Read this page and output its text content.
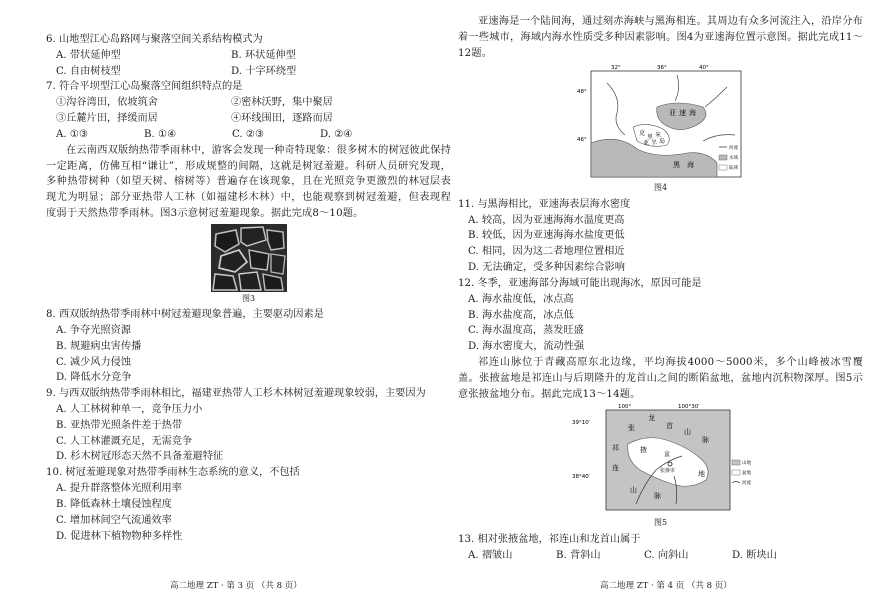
6. 山地型江心岛路网与聚落空间关系结构模式为

A. 带状延伸型	B. 环状延伸型
C. 自由树枝型	D. 十字环绕型

7. 符合平坝型江心岛聚落空间组织特点的是

①沟谷湾田，依坡筑舍	②密林沃野，集中聚居
③丘麓片田，择缓而居	④环线围田，逐路而居
A. ①③	B. ①④	C. ②③	D. ②④

在云南西双版纳热带季雨林中，游客会发现一种奇特现象：很多树木的树冠彼此保持一定距离，仿佛互相“谦让”，形成规整的间隔，这就是树冠羞避。科研人员研究发现，多种热带树种（如望天树、榕树等）普遍存在该现象，且在光照竞争更激烈的林冠层表现尤为明显；部分亚热带人工林（如福建杉木林）中，也能观察到树冠羞避，但表现程度弱于天然热带季雨林。图3示意树冠羞避现象。据此完成8～10题。

图3

8. 西双版纳热带季雨林中树冠羞避现象普遍，主要驱动因素是

A. 争夺光照资源

B. 规避病虫害传播

C. 减少风力侵蚀

D. 降低水分竞争

9. 与西双版纳热带季雨林相比，福建亚热带人工杉木林树冠羞避现象较弱，主要因为

A. 人工林树种单一，竞争压力小

B. 亚热带光照条件差于热带

C. 人工林灌溉充足，无需竞争

D. 杉木树冠形态天然不具备羞避特征

10. 树冠羞避现象对热带季雨林生态系统的意义，不包括

A. 提升群落整体光照利用率

B. 降低森林土壤侵蚀程度

C. 增加林间空气流通效率

D. 促进林下植物物种多样性

高二地理 ZT · 第 3 页 （共 8 页）

亚速海是一个陆间海，通过刻赤海峡与黑海相连。其周边有众多河流注入，沿岸分布着一些城市，海域内海水性质受多种因素影响。图4为亚速海位置示意图。据此完成11～12题。

32°	36°	40°
48°
46°
亚 速 海
克
里 米
亚 半 岛
黑 海
河流
水域
陆域
图4

11. 与黑海相比，亚速海表层海水密度

A. 较高，因为亚速海海水温度更高

B. 较低，因为亚速海海水盐度更低

C. 相同，因为这二者地理位置相近

D. 无法确定，受多种因素综合影响

12. 冬季，亚速海部分海域可能出现海冰，原因可能是

A. 海水盐度低，冰点高

B. 海水盐度高，冰点低

C. 海水温度高，蒸发旺盛

D. 海水密度大，流动性强

祁连山脉位于青藏高原东北边缘，平均海拔4000～5000米，多个山峰被冰雪覆盖。张掖盆地是祁连山与后期隆升的龙首山之间的断陷盆地，盆地内沉积物深厚。图5示意张掖盆地分布。据此完成13～14题。

100°	100°30′
39°10′
38°40′
龙
首
山
脉
张
掖
盆
地
祁
连
山
脉
张掖市
山地
盆地
河流
图5

13. 相对张掖盆地，祁连山和龙首山属于

A. 褶皱山	B. 背斜山	C. 向斜山	D. 断块山
高二地理 ZT · 第 4 页 （共 8 页）
